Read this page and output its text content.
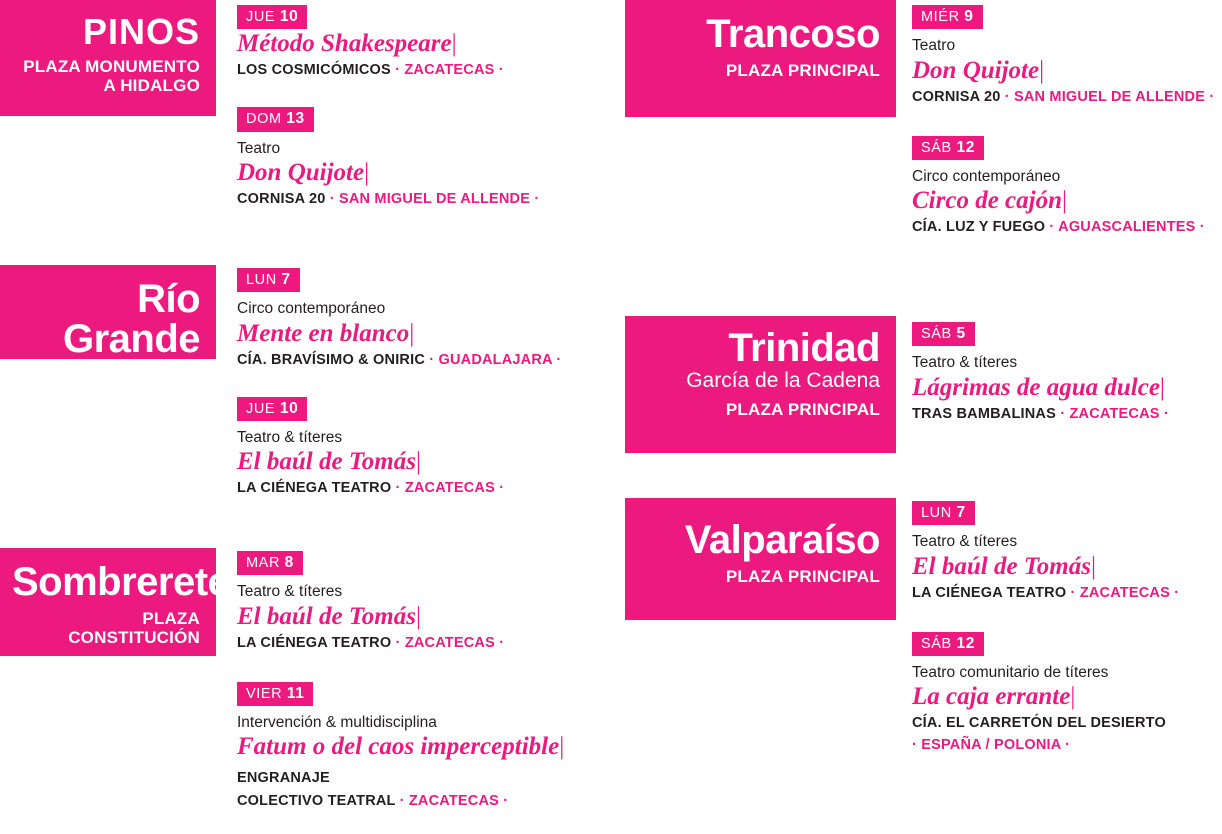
PINOS
PLAZA MONUMENTO A HIDALGO
JUE 10
Método Shakespeare|
LOS COSMICÓMICOS · ZACATECAS ·
DOM 13
Teatro
Don Quijote|
CORNISA 20 · SAN MIGUEL DE ALLENDE ·
Río Grande
PLAZA PRINCIPAL
LUN 7
Circo contemporáneo
Mente en blanco|
CÍA. BRAVÍSIMO & ONIRIC · GUADALAJARA ·
JUE 10
Teatro & títeres
El baúl de Tomás|
LA CIÉNEGA TEATRO · ZACATECAS ·
Sombrerete
PLAZA CONSTITUCIÓN
MAR 8
Teatro & títeres
El baúl de Tomás|
LA CIÉNEGA TEATRO · ZACATECAS ·
VIER 11
Intervención & multidisciplina
Fatum o del caos imperceptible| ENGRANAJE
COLECTIVO TEATRAL · ZACATECAS ·
Trancoso
PLAZA PRINCIPAL
MIÉR 9
Teatro
Don Quijote|
CORNISA 20 · SAN MIGUEL DE ALLENDE ·
SÁB 12
Circo contemporáneo
Circo de cajón|
CÍA. LUZ Y FUEGO · AGUASCALIENTES ·
Trinidad
García de la Cadena
PLAZA PRINCIPAL
SÁB 5
Teatro & títeres
Lágrimas de agua dulce|
TRAS BAMBALINAS · ZACATECAS ·
Valparaíso
PLAZA PRINCIPAL
LUN 7
Teatro & títeres
El baúl de Tomás|
LA CIÉNEGA TEATRO · ZACATECAS ·
SÁB 12
Teatro comunitario de títeres
La caja errante|
CÍA. EL CARRETÓN DEL DESIERTO
· ESPAÑA / POLONIA ·
